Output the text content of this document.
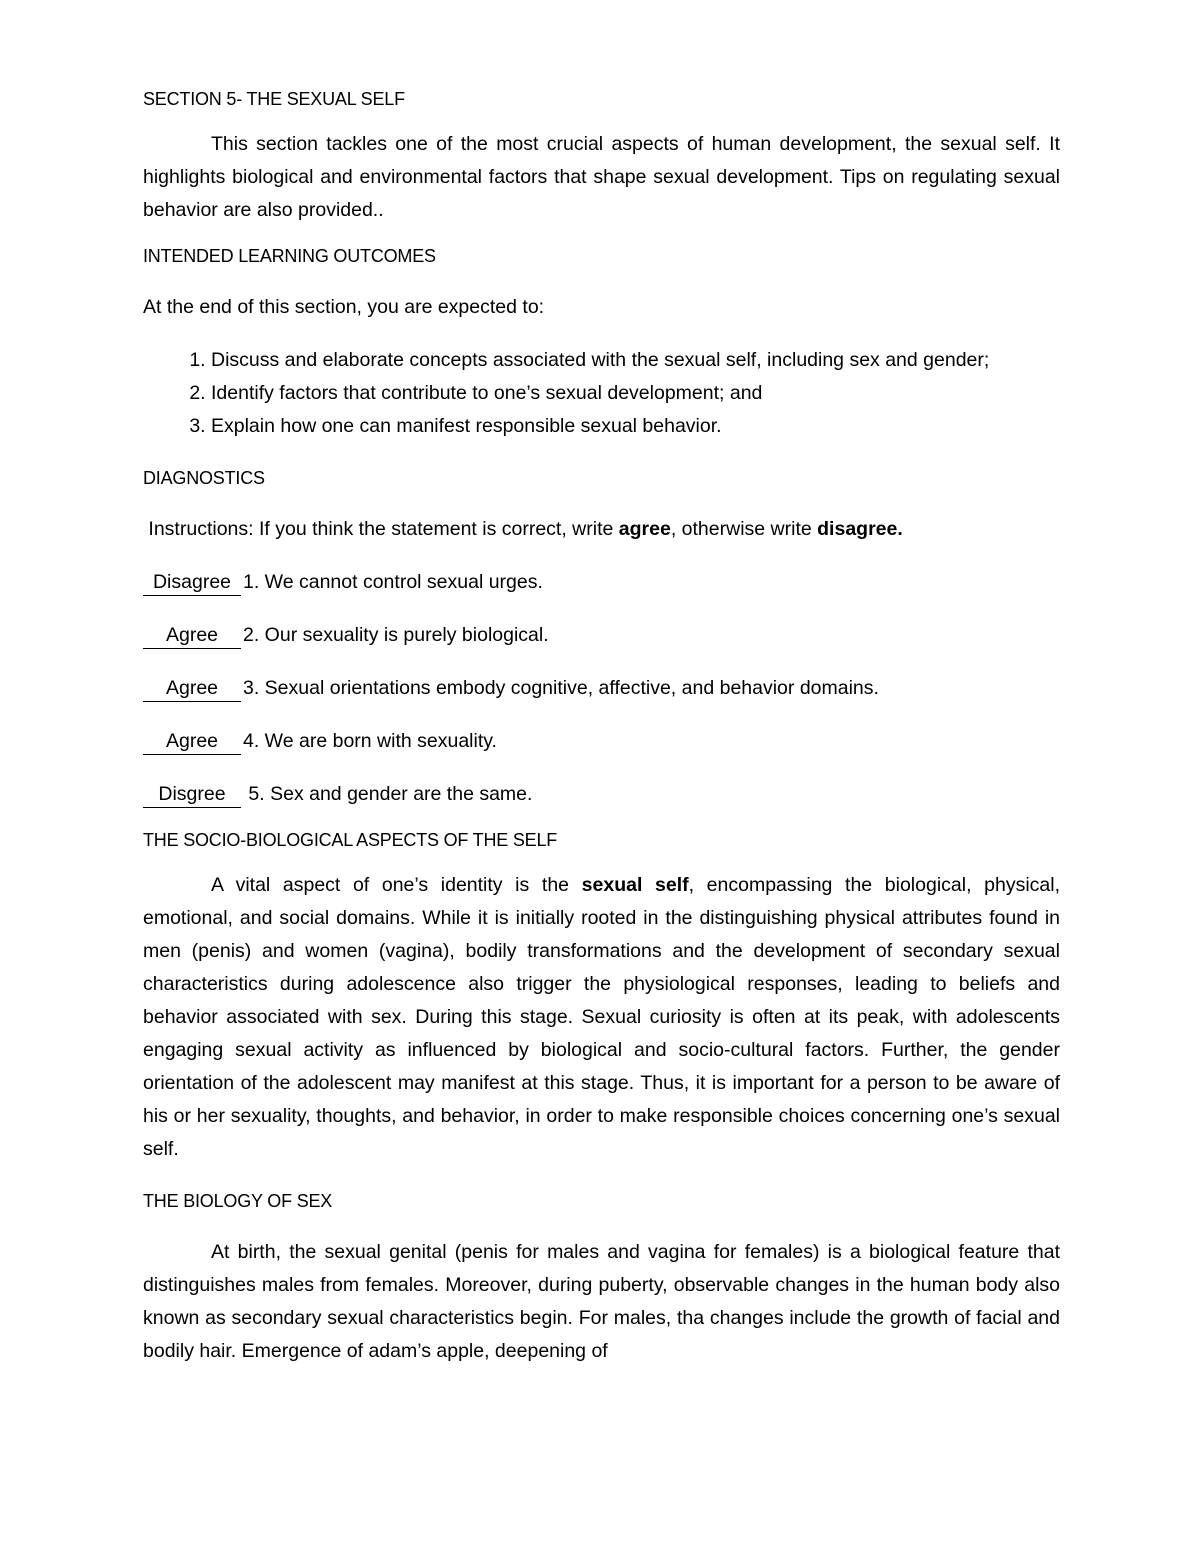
SECTION 5- THE SEXUAL SELF

This section tackles one of the most crucial aspects of human development, the sexual self. It highlights biological and environmental factors that shape sexual development. Tips on regulating sexual behavior are also provided..

INTENDED LEARNING OUTCOMES

At the end of this section, you are expected to:

1. Discuss and elaborate concepts associated with the sexual self, including sex and gender;
2. Identify factors that contribute to one’s sexual development; and
3. Explain how one can manifest responsible sexual behavior.

DIAGNOSTICS

Instructions: If you think the statement is correct, write agree, otherwise write disagree.

Disagree 1. We cannot control sexual urges.

Agree 2. Our sexuality is purely biological.

Agree 3. Sexual orientations embody cognitive, affective, and behavior domains.

Agree 4. We are born with sexuality.

Disgree 5. Sex and gender are the same.

THE SOCIO-BIOLOGICAL ASPECTS OF THE SELF

A vital aspect of one’s identity is the sexual self, encompassing the biological, physical, emotional, and social domains. While it is initially rooted in the distinguishing physical attributes found in men (penis) and women (vagina), bodily transformations and the development of secondary sexual characteristics during adolescence also trigger the physiological responses, leading to beliefs and behavior associated with sex. During this stage. Sexual curiosity is often at its peak, with adolescents engaging sexual activity as influenced by biological and socio-cultural factors. Further, the gender orientation of the adolescent may manifest at this stage. Thus, it is important for a person to be aware of his or her sexuality, thoughts, and behavior, in order to make responsible choices concerning one’s sexual self.

THE BIOLOGY OF SEX

At birth, the sexual genital (penis for males and vagina for females) is a biological feature that distinguishes males from females. Moreover, during puberty, observable changes in the human body also known as secondary sexual characteristics begin. For males, tha changes include the growth of facial and bodily hair. Emergence of adam’s apple, deepening of
